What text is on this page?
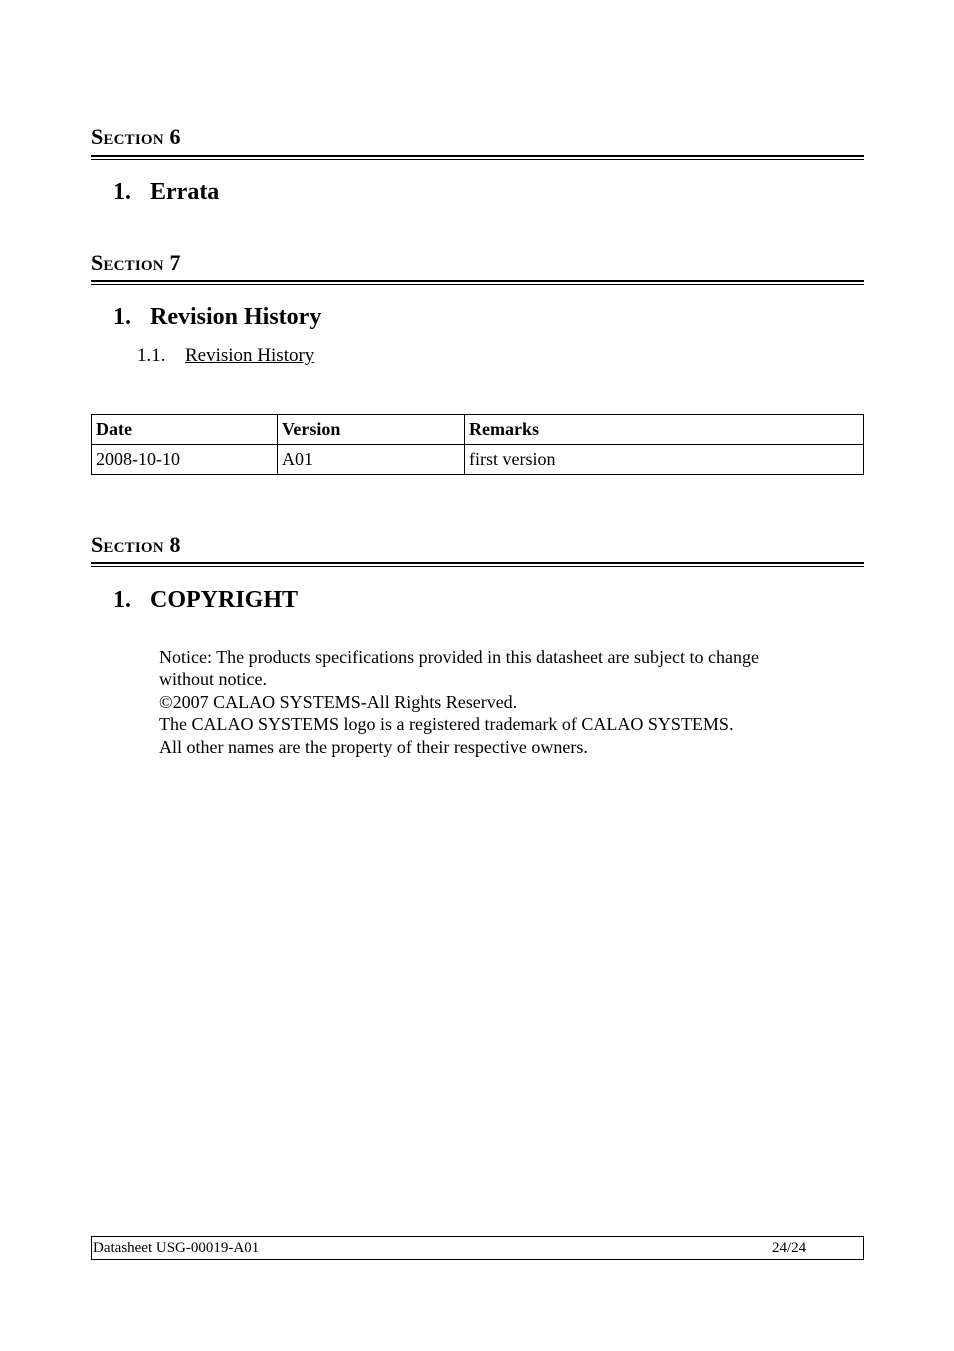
Section 6
1. Errata
Section 7
1. Revision History
1.1. Revision History
Date	Version	Remarks
2008-10-10	A01	first version
Section 8
1. COPYRIGHT
Notice: The products specifications provided in this datasheet are subject to change
without notice.
©2007 CALAO SYSTEMS-All Rights Reserved.
The CALAO SYSTEMS logo is a registered trademark of CALAO SYSTEMS.
All other names are the property of their respective owners.
Datasheet USG-00019-A01	24/24
